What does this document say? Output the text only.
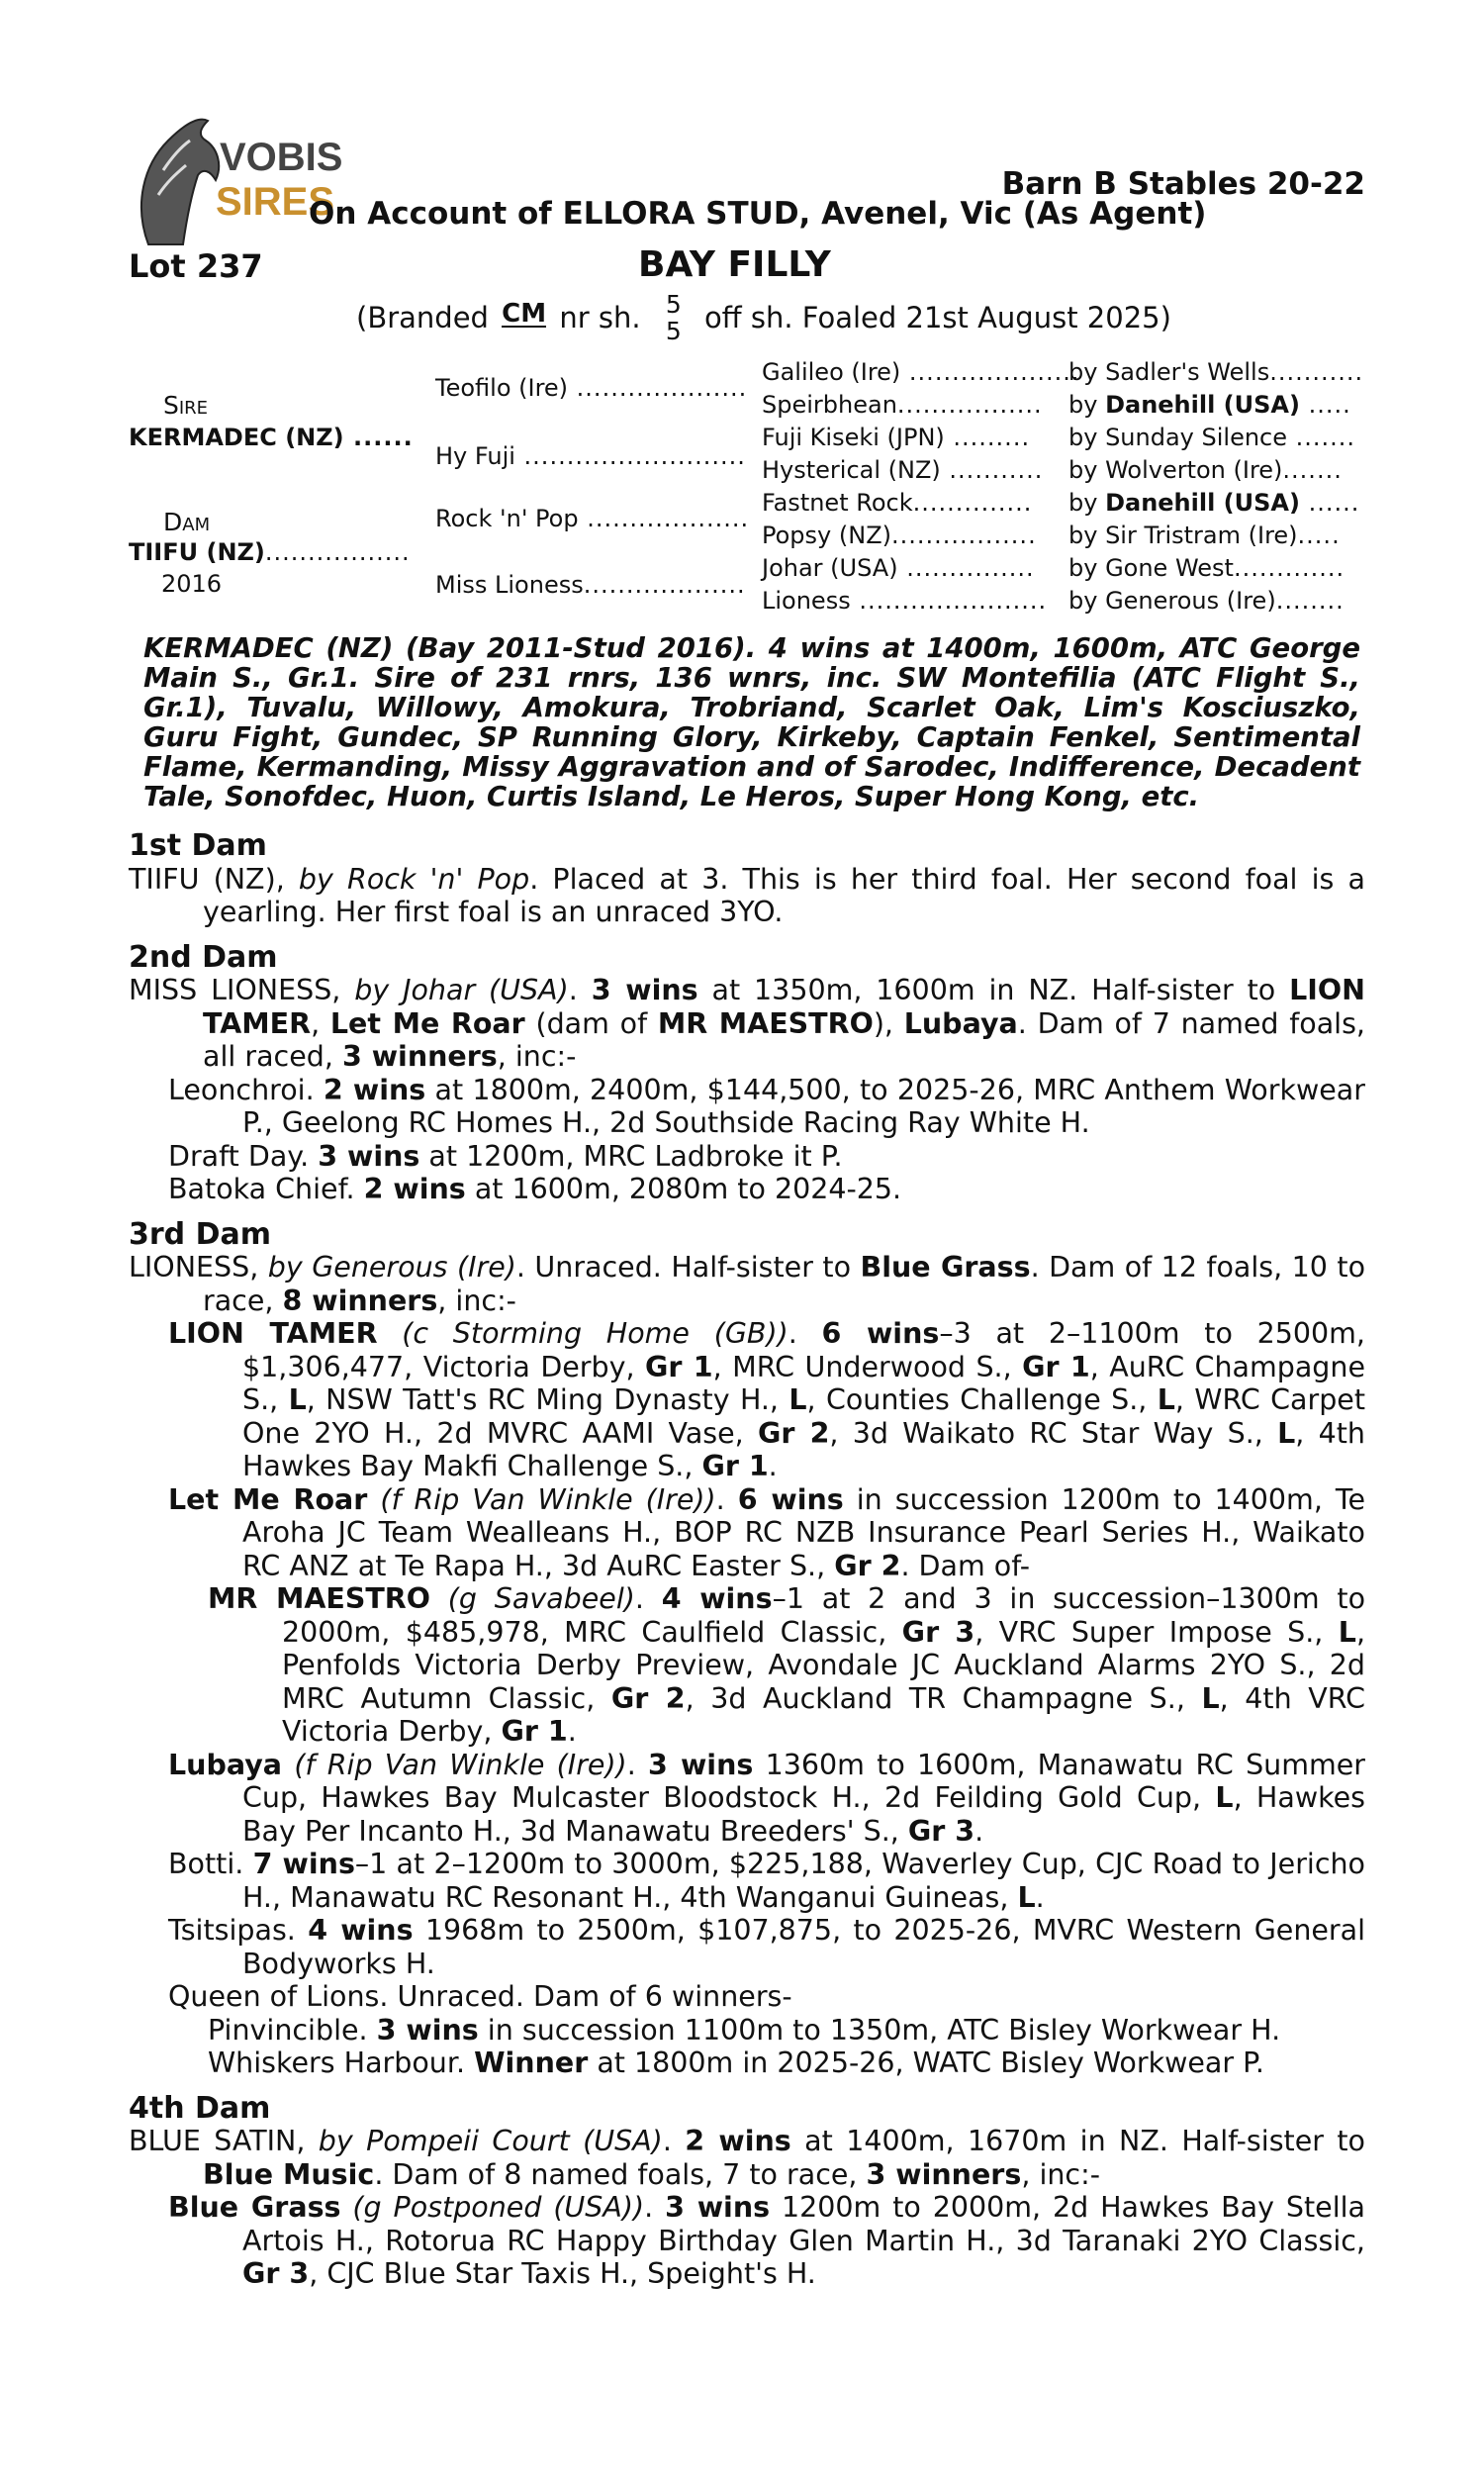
VOBIS
SIRES	Barn B Stables 20-22
On Account of ELLORA STUD, Avenel, Vic (As Agent)
Lot 237	BAY FILLY
(Branded CM nr sh. 5
5 off sh. Foaled 21st August 2025)
Sire
KERMADEC (NZ) ......
Dam
TIIFU (NZ).................
2016
Teofilo (Ire) ....................
Hy Fuji ..........................
Rock 'n' Pop ...................
Miss Lioness...................
Galileo (Ire) ....................
Speirbhean.................
Fuji Kiseki (JPN) .........
Hysterical (NZ) ...........
Fastnet Rock..............
Popsy (NZ).................
Johar (USA) ...............
Lioness ......................
by Sadler's Wells...........
by Danehill (USA) .....
by Sunday Silence .......
by Wolverton (Ire).......
by Danehill (USA) ......
by Sir Tristram (Ire).....
by Gone West.............
by Generous (Ire)........
KERMADEC (NZ) (Bay 2011-Stud 2016). 4 wins at 1400m, 1600m, ATC George Main S., Gr.1. Sire of 231 rnrs, 136 wnrs, inc. SW Montefilia (ATC Flight S., Gr.1), Tuvalu, Willowy, Amokura, Trobriand, Scarlet Oak, Lim's Kosciuszko, Guru Fight, Gundec, SP Running Glory, Kirkeby, Captain Fenkel, Sentimental Flame, Kermanding, Missy Aggravation and of Sarodec, Indifference, Decadent Tale, Sonofdec, Huon, Curtis Island, Le Heros, Super Hong Kong, etc.
1st Dam
TIIFU (NZ), by Rock 'n' Pop. Placed at 3. This is her third foal. Her second foal is a yearling. Her first foal is an unraced 3YO.
2nd Dam
MISS LIONESS, by Johar (USA). 3 wins at 1350m, 1600m in NZ. Half-sister to LION TAMER, Let Me Roar (dam of MR MAESTRO), Lubaya. Dam of 7 named foals, all raced, 3 winners, inc:-
Leonchroi. 2 wins at 1800m, 2400m, $144,500, to 2025-26, MRC Anthem Workwear P., Geelong RC Homes H., 2d Southside Racing Ray White H.
Draft Day. 3 wins at 1200m, MRC Ladbroke it P.
Batoka Chief. 2 wins at 1600m, 2080m to 2024-25.
3rd Dam
LIONESS, by Generous (Ire). Unraced. Half-sister to Blue Grass. Dam of 12 foals, 10 to race, 8 winners, inc:-
LION TAMER (c Storming Home (GB)). 6 wins–3 at 2–1100m to 2500m, $1,306,477, Victoria Derby, Gr 1, MRC Underwood S., Gr 1, AuRC Champagne S., L, NSW Tatt's RC Ming Dynasty H., L, Counties Challenge S., L, WRC Carpet One 2YO H., 2d MVRC AAMI Vase, Gr 2, 3d Waikato RC Star Way S., L, 4th Hawkes Bay Makfi Challenge S., Gr 1.
Let Me Roar (f Rip Van Winkle (Ire)). 6 wins in succession 1200m to 1400m, Te Aroha JC Team Wealleans H., BOP RC NZB Insurance Pearl Series H., Waikato RC ANZ at Te Rapa H., 3d AuRC Easter S., Gr 2. Dam of-
MR MAESTRO (g Savabeel). 4 wins–1 at 2 and 3 in succession–1300m to 2000m, $485,978, MRC Caulfield Classic, Gr 3, VRC Super Impose S., L, Penfolds Victoria Derby Preview, Avondale JC Auckland Alarms 2YO S., 2d MRC Autumn Classic, Gr 2, 3d Auckland TR Champagne S., L, 4th VRC Victoria Derby, Gr 1.
Lubaya (f Rip Van Winkle (Ire)). 3 wins 1360m to 1600m, Manawatu RC Summer Cup, Hawkes Bay Mulcaster Bloodstock H., 2d Feilding Gold Cup, L, Hawkes Bay Per Incanto H., 3d Manawatu Breeders' S., Gr 3.
Botti. 7 wins–1 at 2–1200m to 3000m, $225,188, Waverley Cup, CJC Road to Jericho H., Manawatu RC Resonant H., 4th Wanganui Guineas, L.
Tsitsipas. 4 wins 1968m to 2500m, $107,875, to 2025-26, MVRC Western General Bodyworks H.
Queen of Lions. Unraced. Dam of 6 winners-
Pinvincible. 3 wins in succession 1100m to 1350m, ATC Bisley Workwear H.
Whiskers Harbour. Winner at 1800m in 2025-26, WATC Bisley Workwear P.
4th Dam
BLUE SATIN, by Pompeii Court (USA). 2 wins at 1400m, 1670m in NZ. Half-sister to Blue Music. Dam of 8 named foals, 7 to race, 3 winners, inc:-
Blue Grass (g Postponed (USA)). 3 wins 1200m to 2000m, 2d Hawkes Bay Stella Artois H., Rotorua RC Happy Birthday Glen Martin H., 3d Taranaki 2YO Classic, Gr 3, CJC Blue Star Taxis H., Speight's H.
